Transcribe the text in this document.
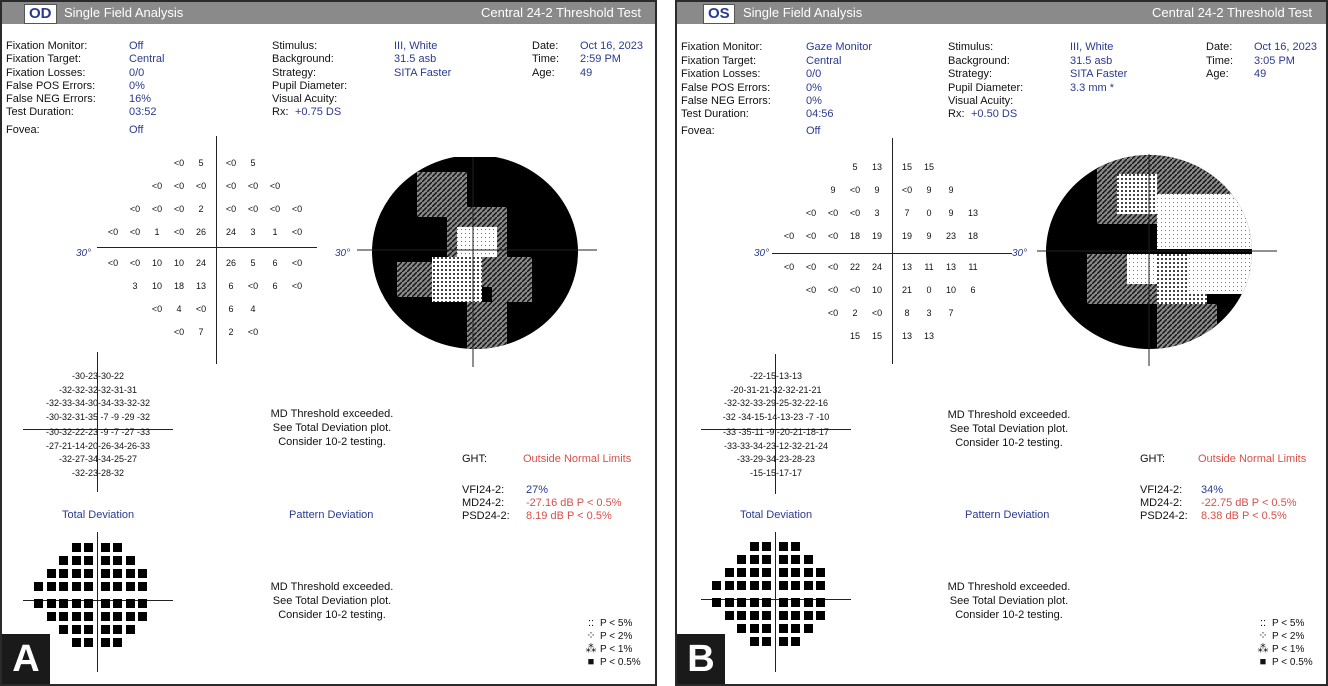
OD Single Field Analysis	Central 24-2 Threshold Test
Fixation Monitor:	Off
Fixation Target:	Central
Fixation Losses:	0/0
False POS Errors:	0%
False NEG Errors:	16%
Test Duration:	03:52
Fovea:	Off
Stimulus:	III, White
Background:	31.5 asb
Strategy:	SITA Faster
Pupil Diameter:
Visual Acuity:
Rx: +0.75 DS
Date: Oct 16, 2023
Time: 2:59 PM
Age: 49
30°	30°
MD Threshold exceeded.
See Total Deviation plot.
Consider 10-2 testing.
GHT:	Outside Normal Limits
VFI24-2: 27%
MD24-2: -27.16 dB P < 0.5%
PSD24-2: 8.19 dB P < 0.5%
Total Deviation	Pattern Deviation
MD Threshold exceeded.
See Total Deviation plot.
Consider 10-2 testing.
:: P < 5%
⁘ P < 2%
⁂ P < 1%
■ P < 0.5%
A
<0	5	<0	5
<0	<0	<0	<0	<0	<0
<0	<0	<0	2	<0	<0	<0	<0
<0	<0	1	<0	26	24	3	1	<0
<0	<0	10	10	24	26	5	6	<0
3	10	18	13	6	<0	6	<0
<0	4	<0	6	4
<0	7	2	<0
-30-23-30-22
-32-32-32-32-31-31
-32-33-34-30-34-33-32-32
-30-32-31-35 -7 -9 -29 -32
-30-32-22-23 -9 -7 -27 -33
-27-21-14-20-26-34-26-33
-32-27-34-34-25-27
-32-23-28-32
OS	Single Field Analysis	Central 24-2 Threshold Test
Fixation Monitor:	Gaze Monitor
Fixation Target:	Central
Fixation Losses:	0/0
False POS Errors:	0%
False NEG Errors:	0%
Test Duration:	04:56
Fovea:	Off
Stimulus:	III, White
Background:	31.5 asb
Strategy:	SITA Faster
Pupil Diameter:	3.3 mm *
Visual Acuity:
Rx: +0.50 DS
Date: Oct 16, 2023
Time: 3:05 PM
Age: 49
30°	30°
MD Threshold exceeded.
See Total Deviation plot.
Consider 10-2 testing.
GHT:	Outside Normal Limits
VFI24-2: 34%
MD24-2: -22.75 dB P < 0.5%
PSD24-2: 8.38 dB P < 0.5%
Total Deviation	Pattern Deviation
MD Threshold exceeded.
See Total Deviation plot.
Consider 10-2 testing.
:: P < 5%
⁘ P < 2%
⁂ P < 1%
■ P < 0.5%
B
5	13	15	15
9	<0	9	<0	9	9
<0	<0	<0	3	7	0	9	13
<0	<0	<0	18	19	19	9	23	18
<0	<0	<0	22	24	13	11	13	11
<0	<0	<0	10	21	0	10	6
<0	2	<0	8	3	7
15	15	13	13
-22-15-13-13
-20-31-21-32-32-21-21
-32-32-33-29-25-32-22-16
-32 -34-15-14-13-23 -7 -10
-33 -35-11 -9 -20-21-18-17
-33-33-34-23-12-32-21-24
-33-29-34-23-28-23
-15-15-17-17
